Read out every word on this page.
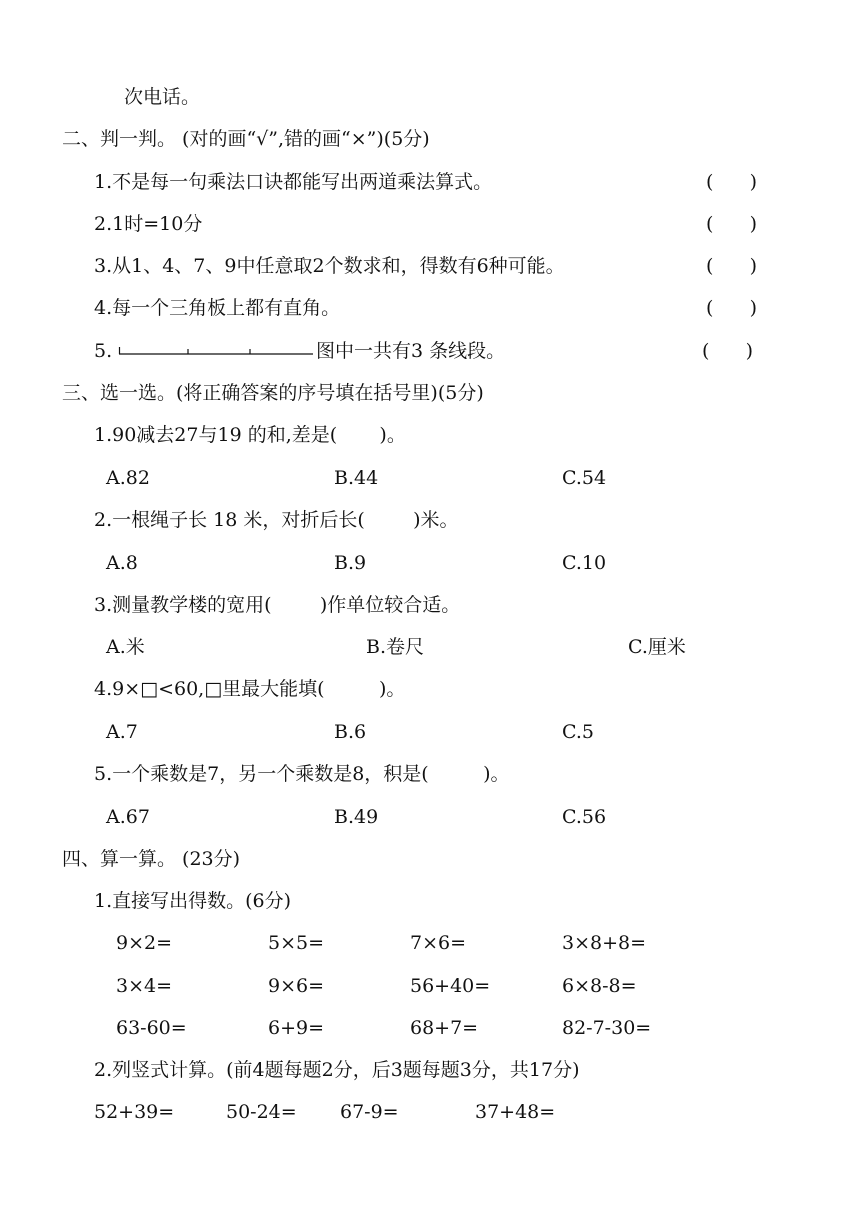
次电话。
二、判一判。 (对的画“√”,错的画“×”)(5分)
1.不是每一句乘法口诀都能写出两道乘法算式。	(      )
2.1时=10分	(      )
3.从1、4、7、9中任意取2个数求和，得数有6种可能。	(      )
4.每一个三角板上都有直角。	(      )
5.	图中一共有3 条线段。	(      )
三、选一选。(将正确答案的序号填在括号里)(5分)
1.90减去27与19 的和,差是(       )。
A.82	B.44	C.54
2.一根绳子长 18 米，对折后长(        )米。
A.8	B.9	C.10
3.测量教学楼的宽用(        )作单位较合适。
A.米	B.卷尺	C.厘米
4.9×□<60,□里最大能填(         )。
A.7	B.6	C.5
5.一个乘数是7，另一个乘数是8，积是(         )。
A.67	B.49	C.56
四、算一算。 (23分)
1.直接写出得数。(6分)
9×2=	5×5=	7×6=	3×8+8=
3×4=	9×6=	56+40=	6×8-8=
63-60=	6+9=	68+7=	82-7-30=
2.列竖式计算。(前4题每题2分，后3题每题3分，共17分)
52+39=	50-24= 67-9=	37+48=
